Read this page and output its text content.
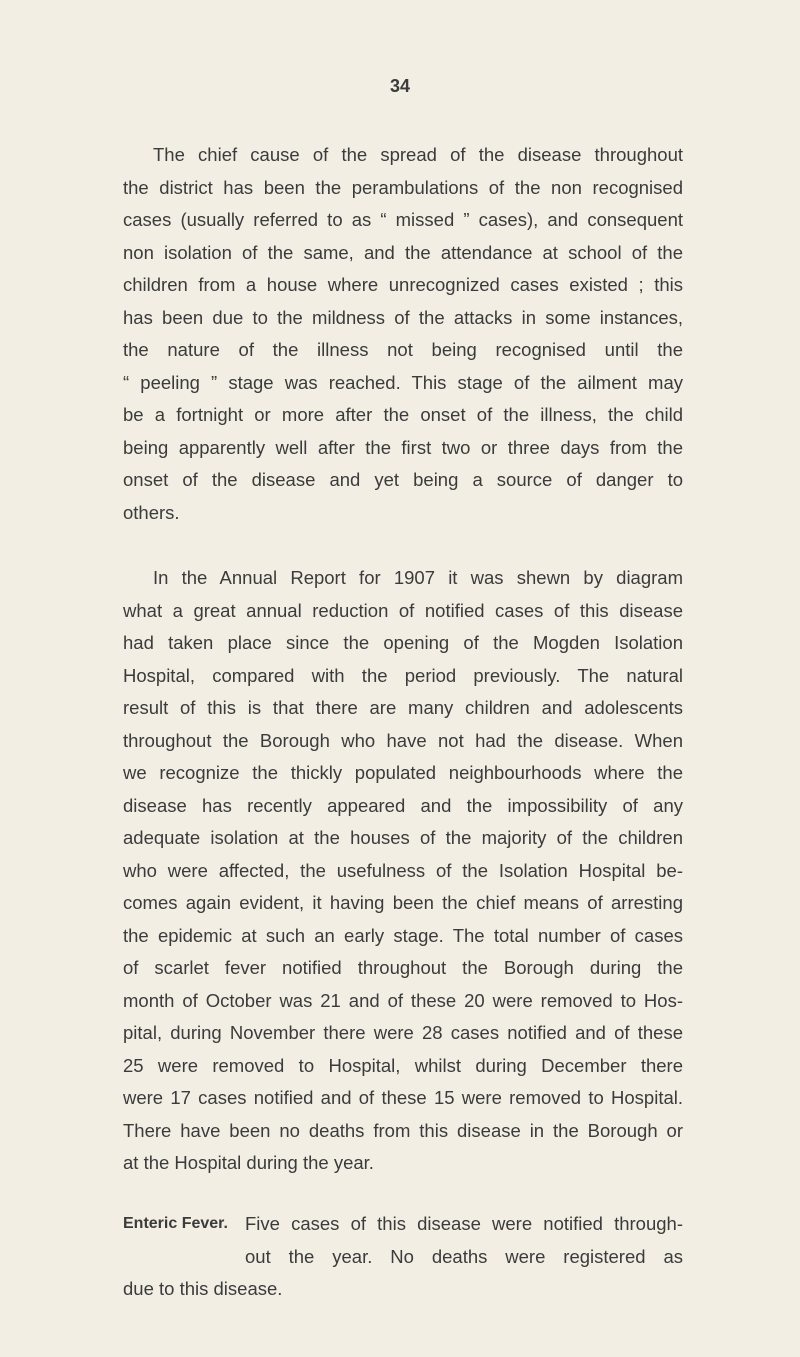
34
The chief cause of the spread of the disease throughout
the district has been the perambulations of the non recognised
cases (usually referred to as “ missed ” cases), and consequent
non isolation of the same, and the attendance at school of the
children from a house where unrecognized cases existed ; this
has been due to the mildness of the attacks in some instances,
the nature of the illness not being recognised until the
“ peeling ” stage was reached. This stage of the ailment may
be a fortnight or more after the onset of the illness, the child
being apparently well after the first two or three days from the
onset of the disease and yet being a source of danger to
others.
In the Annual Report for 1907 it was shewn by diagram
what a great annual reduction of notified cases of this disease
had taken place since the opening of the Mogden Isolation
Hospital, compared with the period previously. The natural
result of this is that there are many children and adolescents
throughout the Borough who have not had the disease. When
we recognize the thickly populated neighbourhoods where the
disease has recently appeared and the impossibility of any
adequate isolation at the houses of the majority of the children
who were affected, the usefulness of the Isolation Hospital be-
comes again evident, it having been the chief means of arresting
the epidemic at such an early stage. The total number of cases
of scarlet fever notified throughout the Borough during the
month of October was 21 and of these 20 were removed to Hos-
pital, during November there were 28 cases notified and of these
25 were removed to Hospital, whilst during December there
were 17 cases notified and of these 15 were removed to Hospital.
There have been no deaths from this disease in the Borough or
at the Hospital during the year.
Enteric Fever. Five cases of this disease were notified through-
out the year. No deaths were registered as
due to this disease.
